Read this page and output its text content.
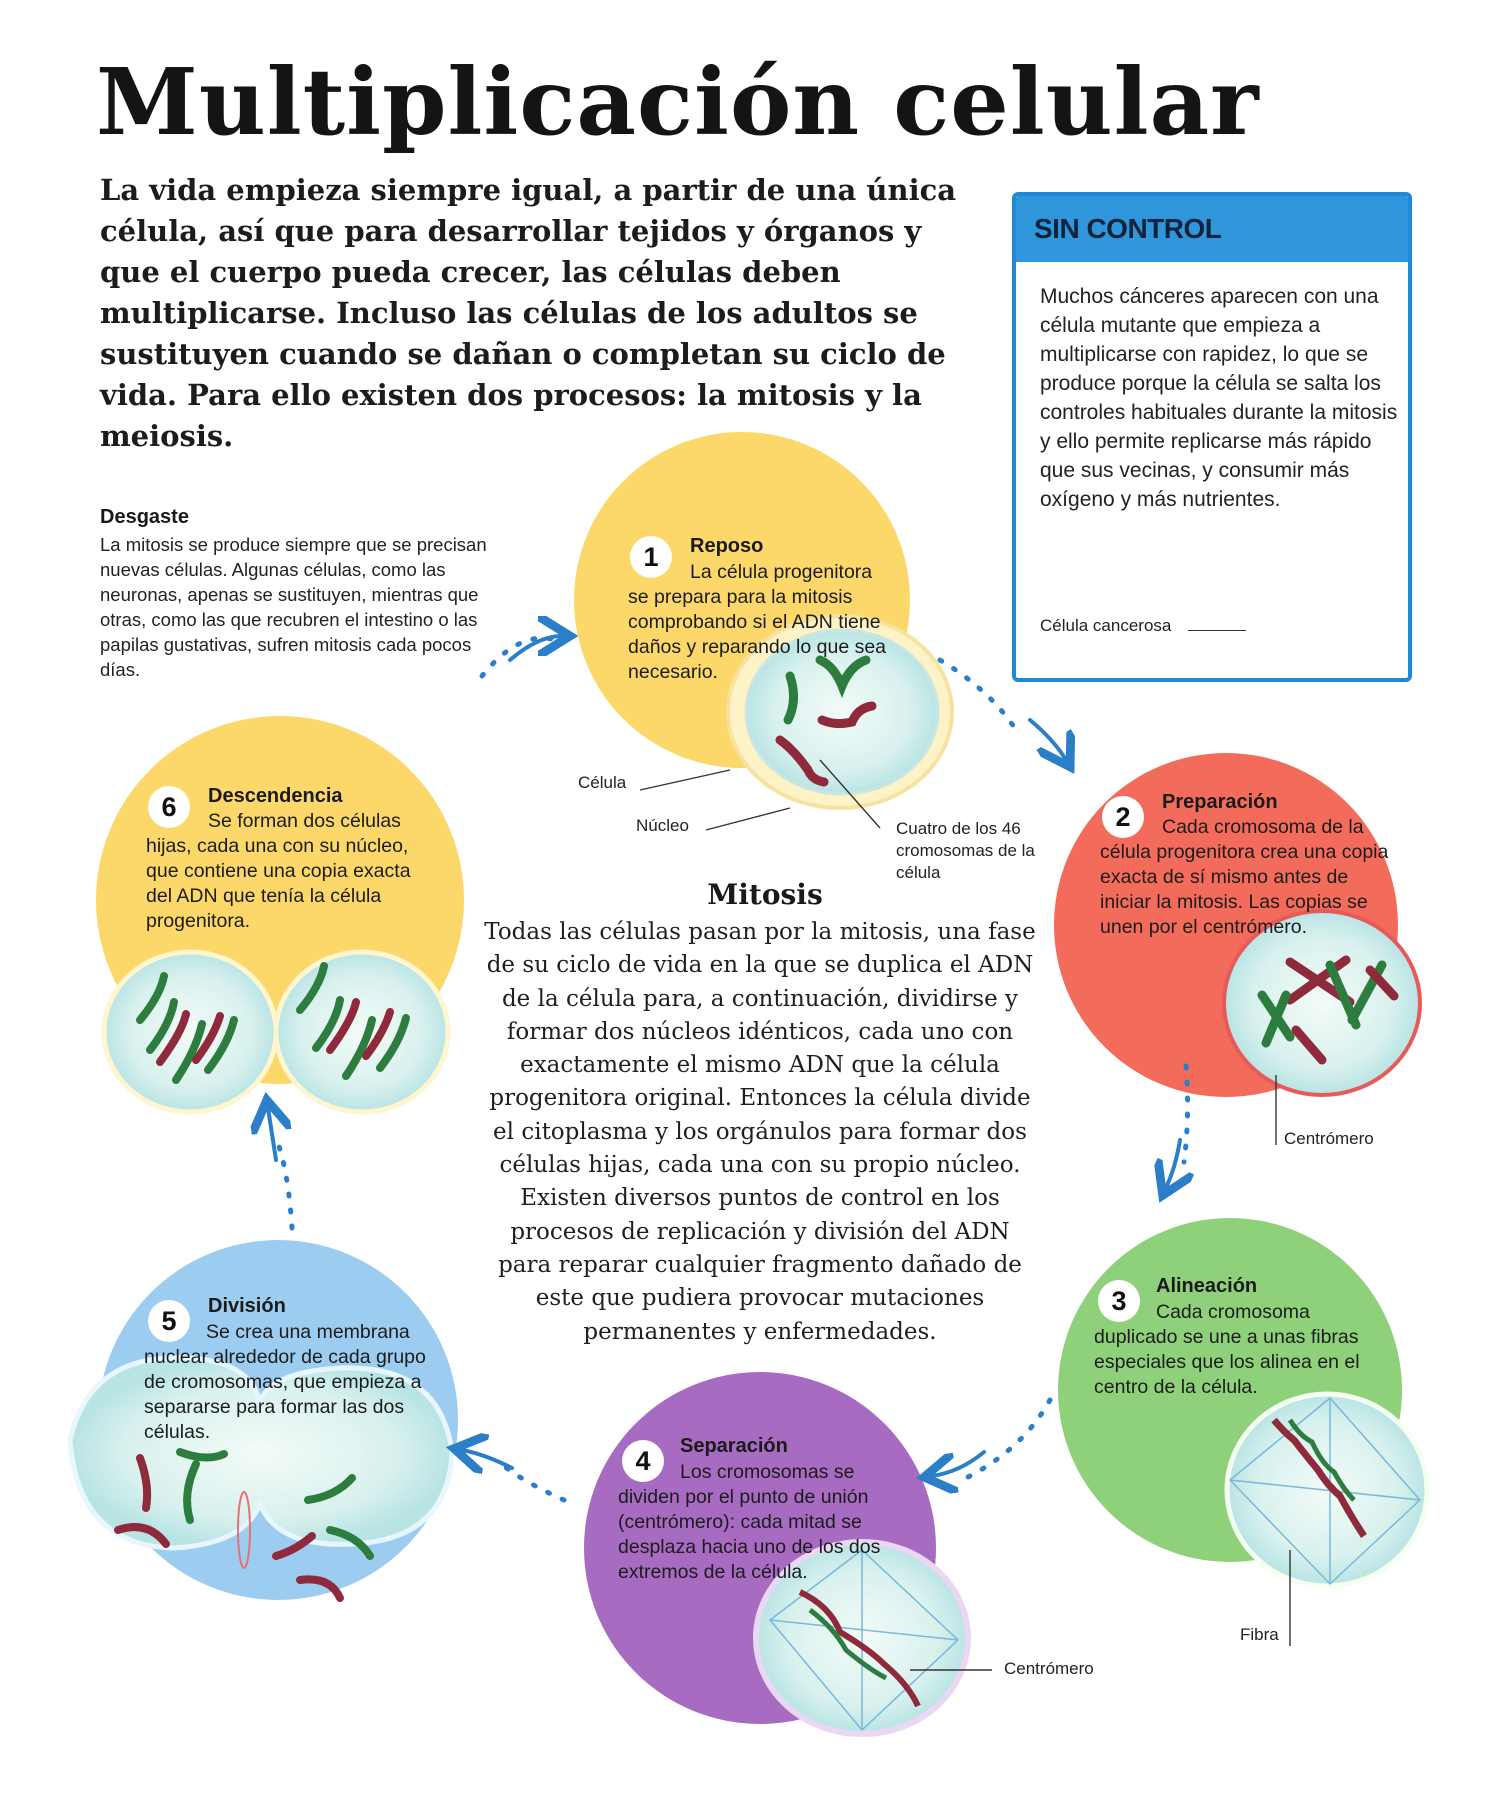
Multiplicación celular

La vida empieza siempre igual, a partir de una única célula, así que para desarrollar tejidos y órganos y que el cuerpo pueda crecer, las células deben multiplicarse. Incluso las células de los adultos se sustituyen cuando se dañan o completan su ciclo de vida. Para ello existen dos procesos: la mitosis y la meiosis.

SIN CONTROL

Muchos cánceres aparecen con una célula mutante que empieza a multiplicarse con rapidez, lo que se produce porque la célula se salta los controles habituales durante la mitosis y ello permite replicarse más rápido que sus vecinas, y consumir más oxígeno y más nutrientes.

Célula cancerosa
Desgaste

La mitosis se produce siempre que se precisan nuevas células. Algunas células, como las neuronas, apenas se sustituyen, mientras que otras, como las que recubren el intestino o las papilas gustativas, sufren mitosis cada pocos días.

1	Reposo

La célula progenitora se prepara para la mitosis comprobando si el ADN tiene daños y reparando lo que sea necesario.

2	Preparación

Cada cromosoma de la célula progenitora crea una copia exacta de sí mismo antes de iniciar la mitosis. Las copias se unen por el centrómero.

3	Alineación

Cada cromosoma duplicado se une a unas fibras especiales que los alinea en el centro de la célula.

4	Separación

Los cromosomas se dividen por el punto de unión (centrómero): cada mitad se desplaza hacia uno de los dos extremos de la célula.

5	División

Se crea una membrana nuclear alrededor de cada grupo de cromosomas, que empieza a separarse para formar las dos células.

6	Descendencia

Se forman dos células hijas, cada una con su núcleo, que contiene una copia exacta del ADN que tenía la célula progenitora.

Célula
Núcleo	Cuatro de los 46 cromosomas de la célula
Centrómero
Fibra
Centrómero
Mitosis

Todas las células pasan por la mitosis, una fase de su ciclo de vida en la que se duplica el ADN de la célula para, a continuación, dividirse y formar dos núcleos idénticos, cada uno con exactamente el mismo ADN que la célula progenitora original. Entonces la célula divide el citoplasma y los orgánulos para formar dos células hijas, cada una con su propio núcleo. Existen diversos puntos de control en los procesos de replicación y división del ADN para reparar cualquier fragmento dañado de este que pudiera provocar mutaciones permanentes y enfermedades.
